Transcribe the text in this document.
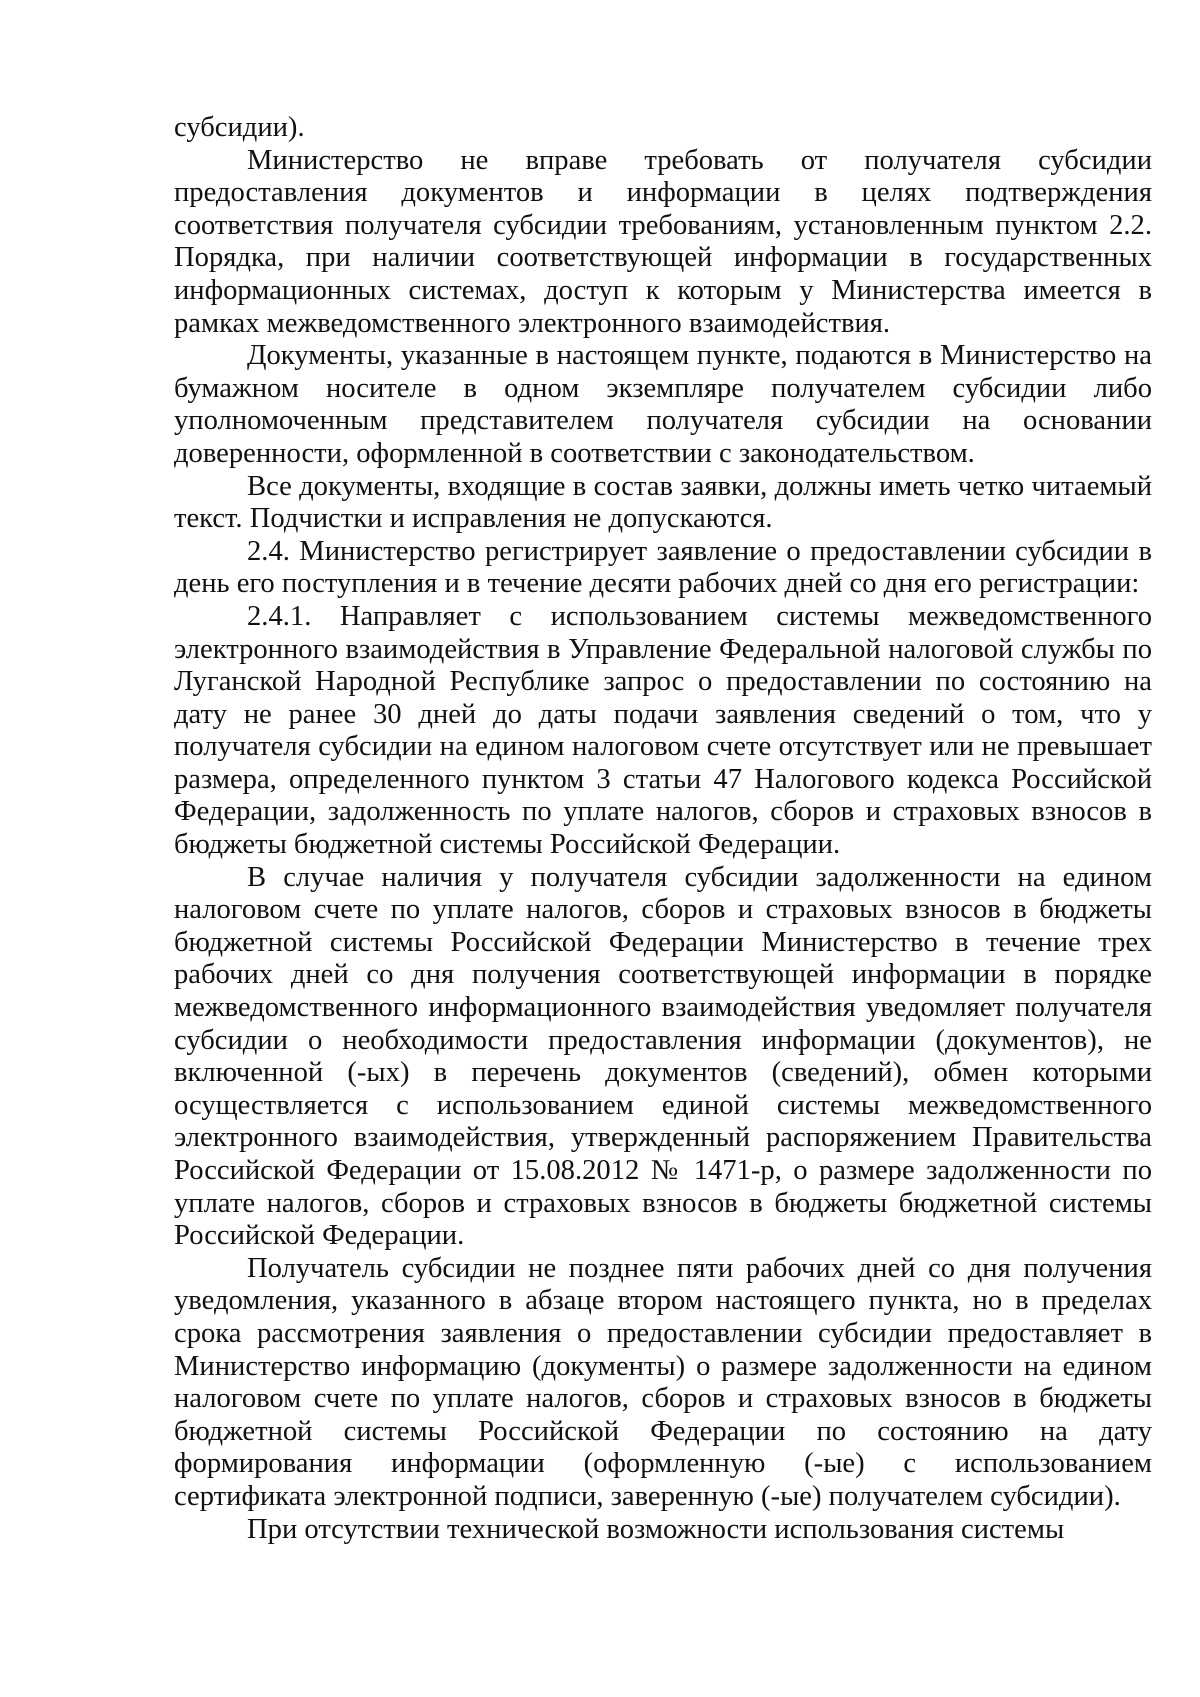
субсидии).

Министерство не вправе требовать от получателя субсидии предоставления документов и информации в целях подтверждения соответствия получателя субсидии требованиям, установленным пунктом 2.2. Порядка, при наличии соответствующей информации в государственных информационных системах, доступ к которым у Министерства имеется в рамках межведомственного электронного взаимодействия.

Документы, указанные в настоящем пункте, подаются в Министерство на бумажном носителе в одном экземпляре получателем субсидии либо уполномоченным представителем получателя субсидии на основании доверенности, оформленной в соответствии с законодательством.

Все документы, входящие в состав заявки, должны иметь четко читаемый текст. Подчистки и исправления не допускаются.

2.4. Министерство регистрирует заявление о предоставлении субсидии в день его поступления и в течение десяти рабочих дней со дня его регистрации:

2.4.1. Направляет с использованием системы межведомственного электронного взаимодействия в Управление Федеральной налоговой службы по Луганской Народной Республике запрос о предоставлении по состоянию на дату не ранее 30 дней до даты подачи заявления сведений о том, что у получателя субсидии на едином налоговом счете отсутствует или не превышает размера, определенного пунктом 3 статьи 47 Налогового кодекса Российской Федерации, задолженность по уплате налогов, сборов и страховых взносов в бюджеты бюджетной системы Российской Федерации.

В случае наличия у получателя субсидии задолженности на едином налоговом счете по уплате налогов, сборов и страховых взносов в бюджеты бюджетной системы Российской Федерации Министерство в течение трех рабочих дней со дня получения соответствующей информации в порядке межведомственного информационного взаимодействия уведомляет получателя субсидии о необходимости предоставления информации (документов), не включенной (-ых) в перечень документов (сведений), обмен которыми осуществляется с использованием единой системы межведомственного электронного взаимодействия, утвержденный распоряжением Правительства Российской Федерации от 15.08.2012 № 1471-р, о размере задолженности по уплате налогов, сборов и страховых взносов в бюджеты бюджетной системы Российской Федерации.

Получатель субсидии не позднее пяти рабочих дней со дня получения уведомления, указанного в абзаце втором настоящего пункта, но в пределах срока рассмотрения заявления о предоставлении субсидии предоставляет в Министерство информацию (документы) о размере задолженности на едином налоговом счете по уплате налогов, сборов и страховых взносов в бюджеты бюджетной системы Российской Федерации по состоянию на дату формирования информации (оформленную (-ые) с использованием сертификата электронной подписи, заверенную (-ые) получателем субсидии).

При отсутствии технической возможности использования системы
